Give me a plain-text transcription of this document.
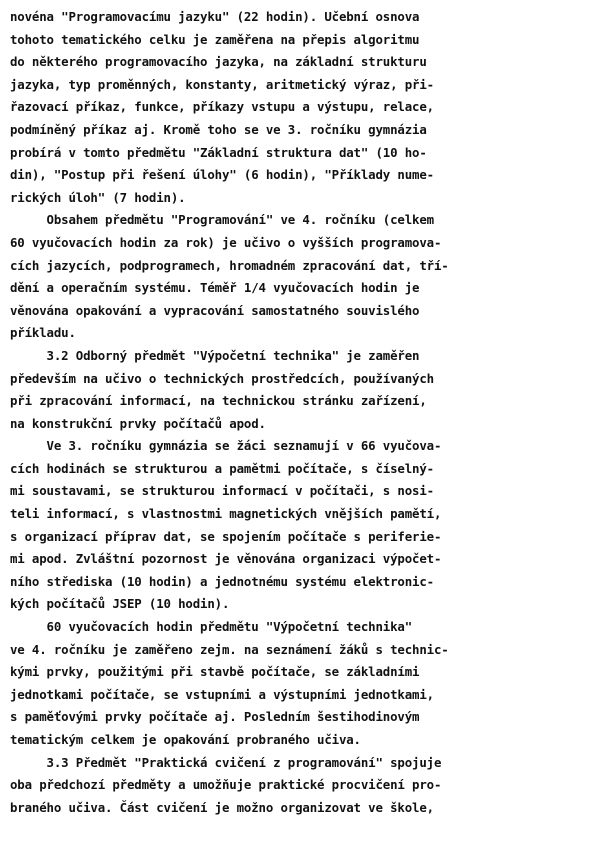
novéna "Programovacímu jazyku" (22 hodin). Učební osnova
tohoto tematického celku je zaměřena na přepis algoritmu
do některého programovacího jazyka, na základní strukturu
jazyka, typ proměnných, konstanty, aritmetický výraz, při-
řazovací příkaz, funkce, příkazy vstupu a výstupu, relace,
podmíněný příkaz aj. Kromě toho se ve 3. ročníku gymnázia
probírá v tomto předmětu "Základní struktura dat" (10 ho-
din), "Postup při řešení úlohy" (6 hodin), "Příklady nume-
rických úloh" (7 hodin).
Obsahem předmětu "Programování" ve 4. ročníku (celkem
60 vyučovacích hodin za rok) je učivo o vyšších programova-
cích jazycích, podprogramech, hromadném zpracování dat, tří-
dění a operačním systému. Téměř 1/4 vyučovacích hodin je
věnována opakování a vypracování samostatného souvislého
příkladu.
3.2 Odborný předmět "Výpočetní technika" je zaměřen
především na učivo o technických prostředcích, používaných
při zpracování informací, na technickou stránku zařízení,
na konstrukční prvky počítačů apod.
Ve 3. ročníku gymnázia se žáci seznamují v 66 vyučova-
cích hodinách se strukturou a pamětmi počítače, s číselný-
mi soustavami, se strukturou informací v počítači, s nosi-
teli informací, s vlastnostmi magnetických vnějších pamětí,
s organizací příprav dat, se spojením počítače s periferie-
mi apod. Zvláštní pozornost je věnována organizaci výpočet-
ního střediska (10 hodin) a jednotnému systému elektronic-
kých počítačů JSEP (10 hodin).
60 vyučovacích hodin předmětu "Výpočetní technika"
ve 4. ročníku je zaměřeno zejm. na seznámení žáků s technic-
kými prvky, použitými při stavbě počítače, se základními
jednotkami počítače, se vstupními a výstupními jednotkami,
s paměťovými prvky počítače aj. Posledním šestihodinovým
tematickým celkem je opakování probraného učiva.
3.3 Předmět "Praktická cvičení z programování" spojuje
oba předchozí předměty a umožňuje praktické procvičení pro-
braného učiva. Část cvičení je možno organizovat ve škole,
